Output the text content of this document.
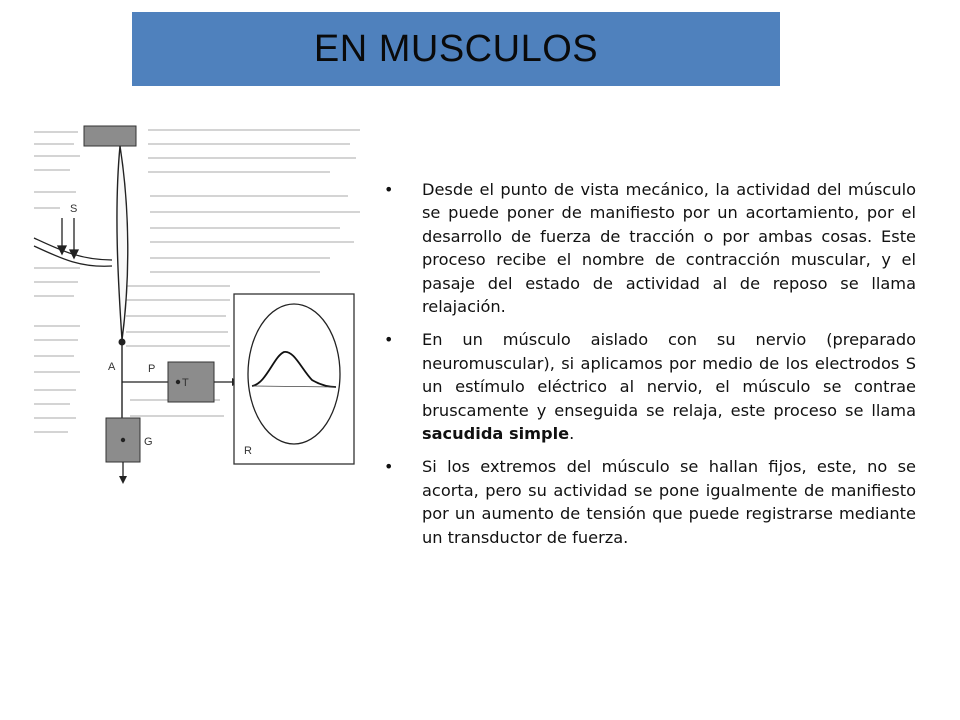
EN MUSCULOS
S
A	P
T
G
R
• Desde el punto de vista mecánico, la actividad del músculo se puede poner de manifiesto por un acortamiento, por el desarrollo de fuerza de tracción o por ambas cosas. Este proceso recibe el nombre de contracción muscular, y el pasaje del estado de actividad al de reposo se llama relajación.
• En un músculo aislado con su nervio (preparado neuromuscular), si aplicamos por medio de los electrodos S un estímulo eléctrico al nervio, el músculo se contrae bruscamente y enseguida se relaja, este proceso se llama sacudida simple.
• Si los extremos del músculo se hallan fijos, este, no se acorta, pero su actividad se pone igualmente de manifiesto por un aumento de tensión que puede registrarse mediante un transductor de fuerza.
